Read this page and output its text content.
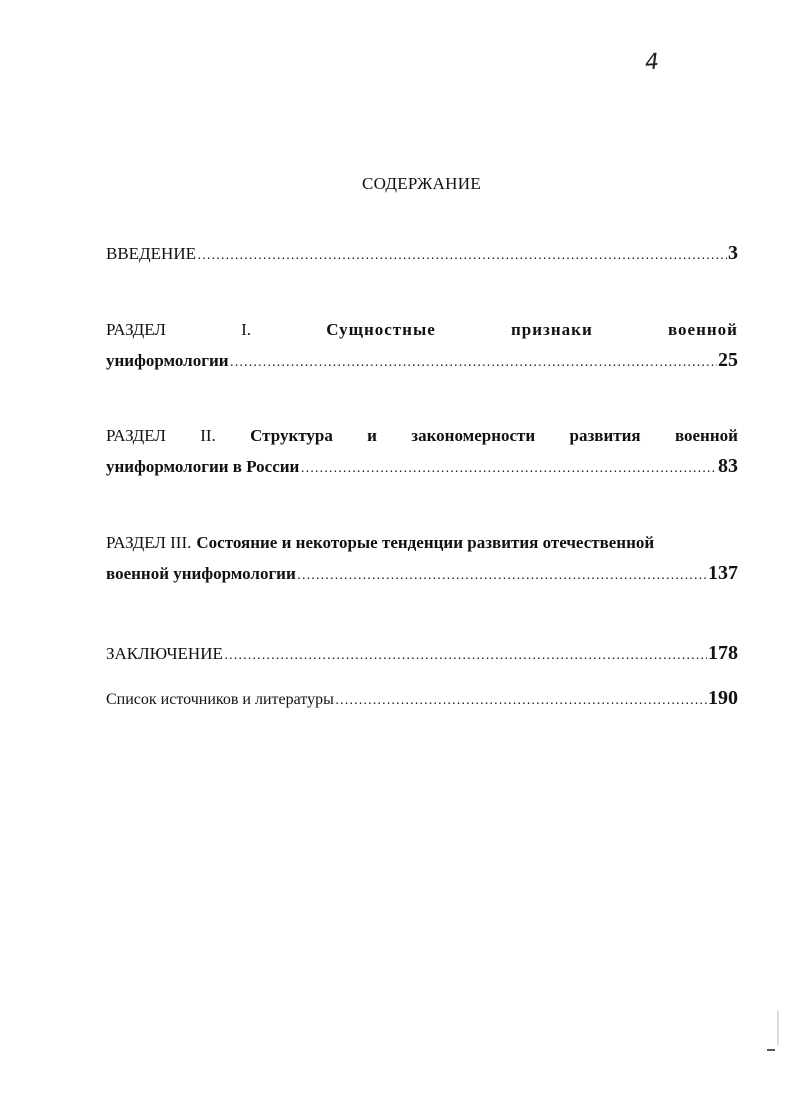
4
СОДЕРЖАНИЕ
ВВЕДЕНИЕ ………………………………………………………………………………………………………………………………………………………………	3
РАЗДЕЛ	I.	Сущностные	признаки	военной
униформологии ………………………………………………………………………………………………………………………………………………………………	25
РАЗДЕЛ II. Структура и закономерности развития военной
униформологии в России ………………………………………………………………………………………………………………………………………………………………	83
РАЗДЕЛ III. Состояние и некоторые тенденции развития отечественной
военной униформологии ………………………………………………………………………………………………………………………………………………………………	137
ЗАКЛЮЧЕНИЕ ………………………………………………………………………………………………………………………………………………………………	178
Список источников и литературы ………………………………………………………………………………………………………………………………………………………………	190
